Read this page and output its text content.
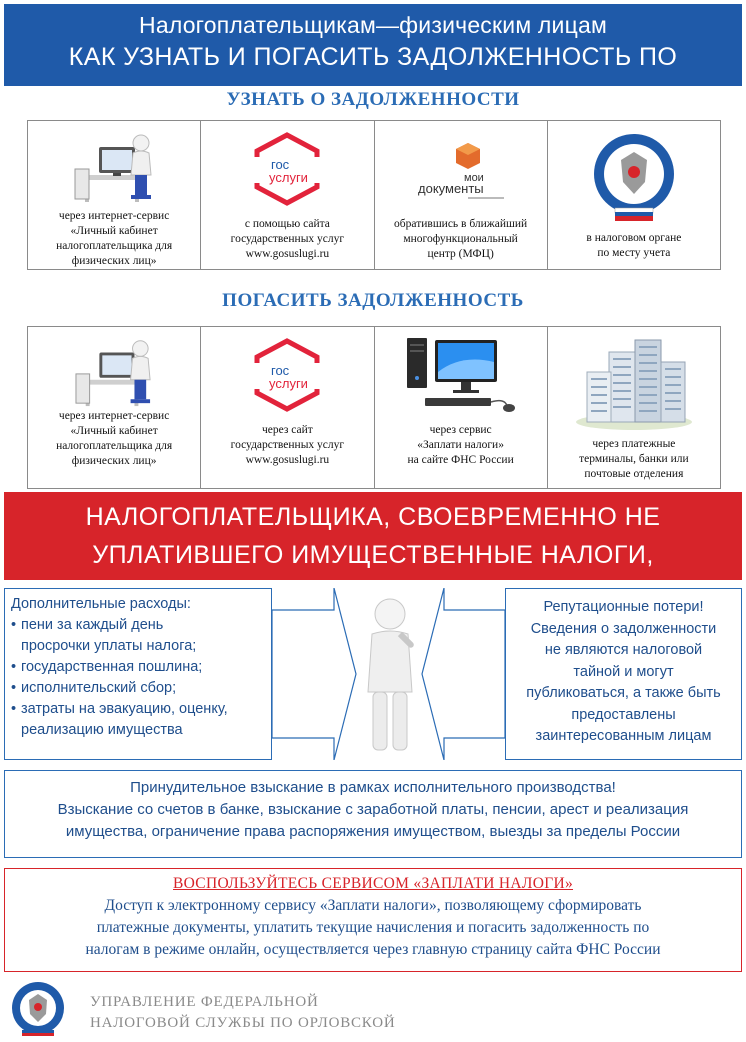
Налогоплательщикам—физическим лицам
КАК УЗНАТЬ И ПОГАСИТЬ ЗАДОЛЖЕННОСТЬ ПО
УЗНАТЬ О ЗАДОЛЖЕННОСТИ
через интернет-сервис
«Личный кабинет
налогоплательщика для
физических лиц»
гос
услуги
с помощью сайта
государственных услуг
www.gosuslugi.ru
мои
документы
обратившись в ближайший
многофункциональный
центр (МФЦ)
в налоговом органе
по месту учета
ПОГАСИТЬ ЗАДОЛЖЕННОСТЬ
через интернет-сервис
«Личный кабинет
налогоплательщика для
физических лиц»
гос
услуги
через сайт
государственных услуг
www.gosuslugi.ru
через сервис
«Заплати налоги»
на сайте ФНС России
через платежные
терминалы, банки или
почтовые отделения
НАЛОГОПЛАТЕЛЬЩИКА, СВОЕВРЕМЕННО НЕ
УПЛАТИВШЕГО ИМУЩЕСТВЕННЫЕ НАЛОГИ,
Дополнительные расходы:
• пени за каждый день
просрочки уплаты налога;
• государственная пошлина;
• исполнительский сбор;
• затраты на эвакуацию, оценку,
реализацию имущества
Репутационные потери!
Сведения о задолженности
не являются налоговой
тайной и могут
публиковаться, а также быть
предоставлены
заинтересованным лицам
Принудительное взыскание в рамках исполнительного производства!
Взыскание со счетов в банке, взыскание с заработной платы, пенсии, арест и реализация
имущества, ограничение права распоряжения имуществом, выезды за пределы России
ВОСПОЛЬЗУЙТЕСЬ СЕРВИСОМ «ЗАПЛАТИ НАЛОГИ»
Доступ к электронному сервису «Заплати налоги», позволяющему сформировать
платежные документы, уплатить текущие начисления и погасить задолженность по
налогам в режиме онлайн, осуществляется через главную страницу сайта ФНС России
УПРАВЛЕНИЕ ФЕДЕРАЛЬНОЙ
НАЛОГОВОЙ СЛУЖБЫ ПО ОРЛОВСКОЙ
